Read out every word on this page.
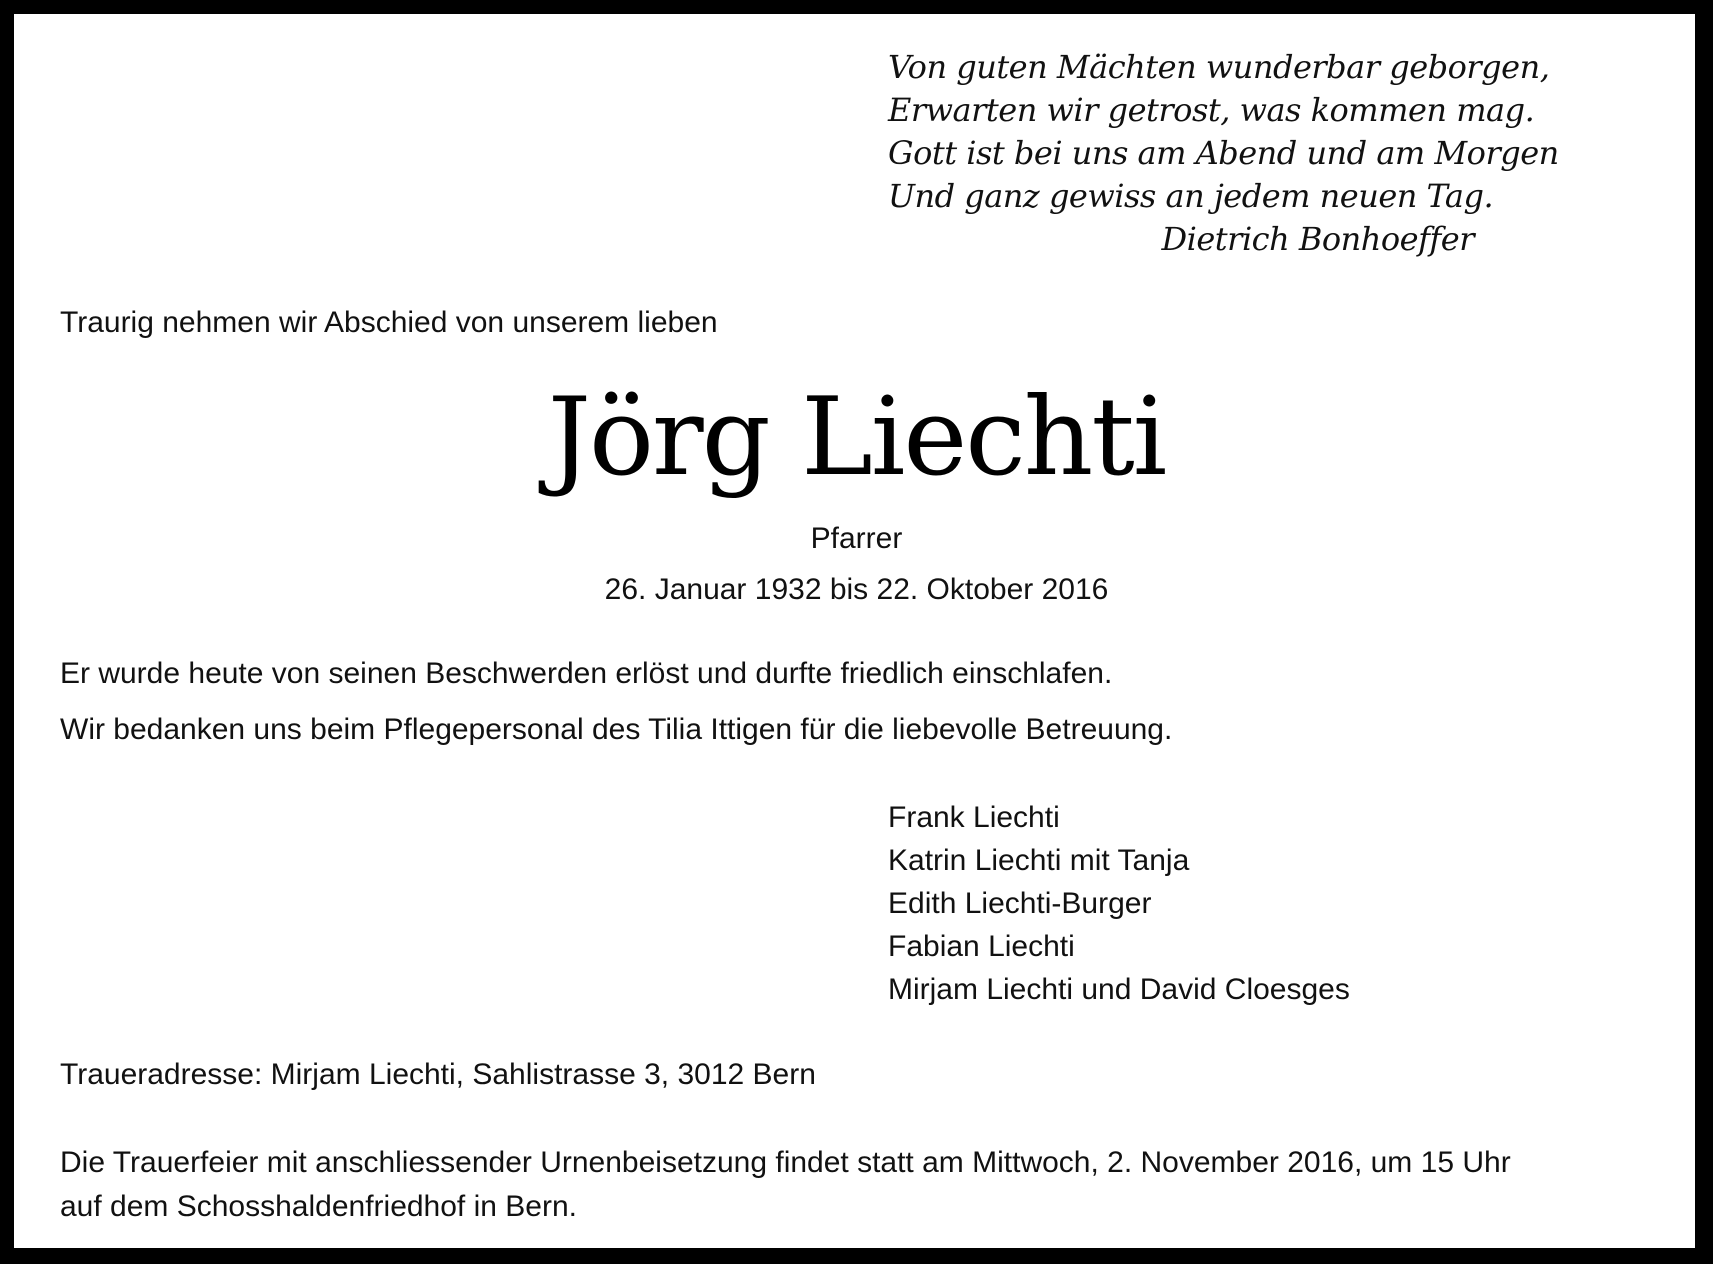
Von guten Mächten wunderbar geborgen,
Erwarten wir getrost, was kommen mag.
Gott ist bei uns am Abend und am Morgen
Und ganz gewiss an jedem neuen Tag.
Dietrich Bonhoeffer
Traurig nehmen wir Abschied von unserem lieben
Jörg Liechti
Pfarrer
26. Januar 1932 bis 22. Oktober 2016
Er wurde heute von seinen Beschwerden erlöst und durfte friedlich einschlafen.
Wir bedanken uns beim Pflegepersonal des Tilia Ittigen für die liebevolle Betreuung.
Frank Liechti
Katrin Liechti mit Tanja
Edith Liechti-Burger
Fabian Liechti
Mirjam Liechti und David Cloesges
Traueradresse: Mirjam Liechti, Sahlistrasse 3, 3012 Bern
Die Trauerfeier mit anschliessender Urnenbeisetzung findet statt am Mittwoch, 2. November 2016, um 15 Uhr
auf dem Schosshaldenfriedhof in Bern.
